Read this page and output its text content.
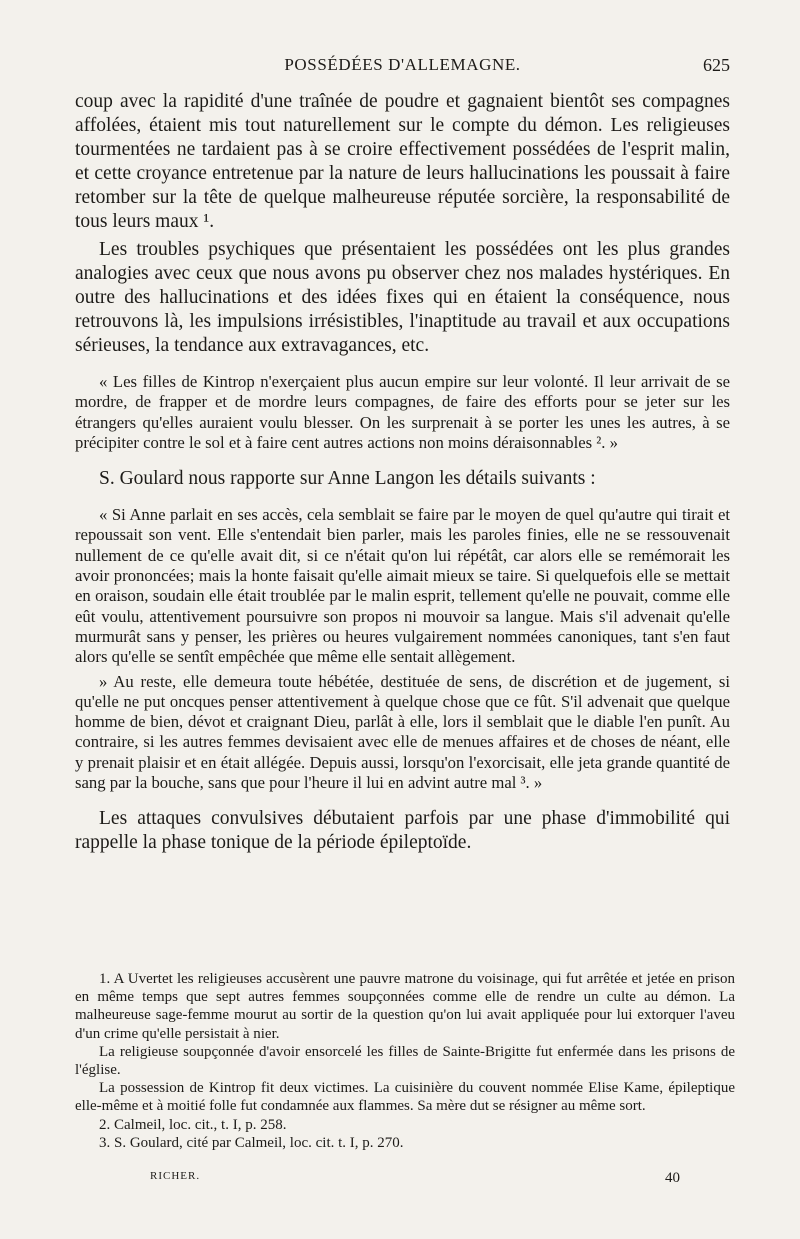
POSSÉDÉES D'ALLEMAGNE.	625

coup avec la rapidité d'une traînée de poudre et gagnaient bientôt ses compagnes affolées, étaient mis tout naturellement sur le compte du démon. Les religieuses tourmentées ne tardaient pas à se croire effectivement possédées de l'esprit malin, et cette croyance entretenue par la nature de leurs hallucinations les poussait à faire retomber sur la tête de quelque malheureuse réputée sorcière, la responsabilité de tous leurs maux ¹.

Les troubles psychiques que présentaient les possédées ont les plus grandes analogies avec ceux que nous avons pu observer chez nos malades hystériques. En outre des hallucinations et des idées fixes qui en étaient la conséquence, nous retrouvons là, les impulsions irrésistibles, l'inaptitude au travail et aux occupations sérieuses, la tendance aux extravagances, etc.

« Les filles de Kintrop n'exerçaient plus aucun empire sur leur volonté. Il leur arrivait de se mordre, de frapper et de mordre leurs compagnes, de faire des efforts pour se jeter sur les étrangers qu'elles auraient voulu blesser. On les surprenait à se porter les unes les autres, à se précipiter contre le sol et à faire cent autres actions non moins déraisonnables ². »

S. Goulard nous rapporte sur Anne Langon les détails suivants :

« Si Anne parlait en ses accès, cela semblait se faire par le moyen de quel qu'autre qui tirait et repoussait son vent. Elle s'entendait bien parler, mais les paroles finies, elle ne se ressouvenait nullement de ce qu'elle avait dit, si ce n'était qu'on lui répétât, car alors elle se remémorait les avoir prononcées; mais la honte faisait qu'elle aimait mieux se taire. Si quelquefois elle se mettait en oraison, soudain elle était troublée par le malin esprit, tellement qu'elle ne pouvait, comme elle eût voulu, attentivement poursuivre son propos ni mouvoir sa langue. Mais s'il advenait qu'elle murmurât sans y penser, les prières ou heures vulgairement nommées canoniques, tant s'en faut alors qu'elle se sentît empêchée que même elle sentait allègement.

» Au reste, elle demeura toute hébétée, destituée de sens, de discrétion et de jugement, si qu'elle ne put oncques penser attentivement à quelque chose que ce fût. S'il advenait que quelque homme de bien, dévot et craignant Dieu, parlât à elle, lors il semblait que le diable l'en punît. Au contraire, si les autres femmes devisaient avec elle de menues affaires et de choses de néant, elle y prenait plaisir et en était allégée. Depuis aussi, lorsqu'on l'exorcisait, elle jeta grande quantité de sang par la bouche, sans que pour l'heure il lui en advint autre mal ³. »

Les attaques convulsives débutaient parfois par une phase d'immobilité qui rappelle la phase tonique de la période épileptoïde.

1. A Uvertet les religieuses accusèrent une pauvre matrone du voisinage, qui fut arrêtée et jetée en prison en même temps que sept autres femmes soupçonnées comme elle de rendre un culte au démon. La malheureuse sage-femme mourut au sortir de la question qu'on lui avait appliquée pour lui extorquer l'aveu d'un crime qu'elle persistait à nier.

La religieuse soupçonnée d'avoir ensorcelé les filles de Sainte-Brigitte fut enfermée dans les prisons de l'église.

La possession de Kintrop fit deux victimes. La cuisinière du couvent nommée Elise Kame, épileptique elle-même et à moitié folle fut condamnée aux flammes. Sa mère dut se résigner au même sort.

2. Calmeil, loc. cit., t. I, p. 258.

3. S. Goulard, cité par Calmeil, loc. cit. t. I, p. 270.

RICHER.	40
